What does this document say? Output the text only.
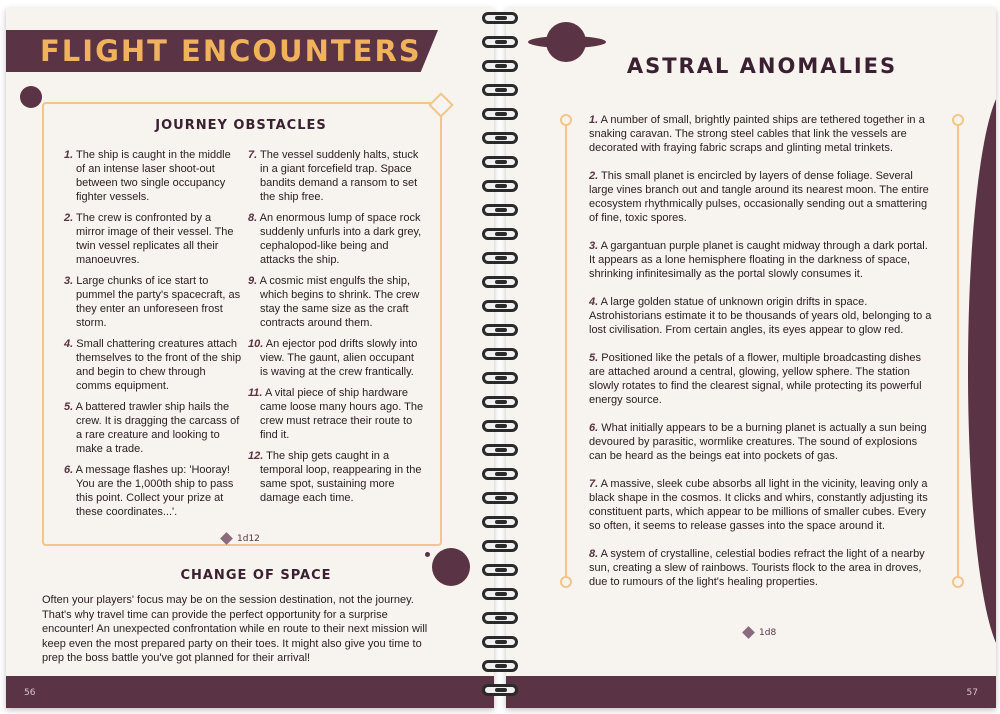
FLIGHT ENCOUNTERS
JOURNEY OBSTACLES
1. The ship is caught in the middle of an intense laser shoot-out between two single occupancy fighter vessels.
2. The crew is confronted by a mirror image of their vessel. The twin vessel replicates all their manoeuvres.
3. Large chunks of ice start to pummel the party's spacecraft, as they enter an unforeseen frost storm.
4. Small chattering creatures attach themselves to the front of the ship and begin to chew through comms equipment.
5. A battered trawler ship hails the crew. It is dragging the carcass of a rare creature and looking to make a trade.
6. A message flashes up: 'Hooray! You are the 1,000th ship to pass this point. Collect your prize at these coordinates...'.
7. The vessel suddenly halts, stuck in a giant forcefield trap. Space bandits demand a ransom to set the ship free.
8. An enormous lump of space rock suddenly unfurls into a dark grey, cephalopod-like being and attacks the ship.
9. A cosmic mist engulfs the ship, which begins to shrink. The crew stay the same size as the craft contracts around them.
10. An ejector pod drifts slowly into view. The gaunt, alien occupant is waving at the crew frantically.
11. A vital piece of ship hardware came loose many hours ago. The crew must retrace their route to find it.
12. The ship gets caught in a temporal loop, reappearing in the same spot, sustaining more damage each time.
1d12
CHANGE OF SPACE
Often your players' focus may be on the session destination, not the journey. That's why travel time can provide the perfect opportunity for a surprise encounter! An unexpected confrontation while en route to their next mission will keep even the most prepared party on their toes. It might also give you time to prep the boss battle you've got planned for their arrival!
56	57
ASTRAL ANOMALIES
1. A number of small, brightly painted ships are tethered together in a snaking caravan. The strong steel cables that link the vessels are decorated with fraying fabric scraps and glinting metal trinkets.
2. This small planet is encircled by layers of dense foliage. Several large vines branch out and tangle around its nearest moon. The entire ecosystem rhythmically pulses, occasionally sending out a smattering of fine, toxic spores.
3. A gargantuan purple planet is caught midway through a dark portal. It appears as a lone hemisphere floating in the darkness of space, shrinking infinitesimally as the portal slowly consumes it.
4. A large golden statue of unknown origin drifts in space. Astrohistorians estimate it to be thousands of years old, belonging to a lost civilisation. From certain angles, its eyes appear to glow red.
5. Positioned like the petals of a flower, multiple broadcasting dishes are attached around a central, glowing, yellow sphere. The station slowly rotates to find the clearest signal, while protecting its powerful energy source.
6. What initially appears to be a burning planet is actually a sun being devoured by parasitic, wormlike creatures. The sound of explosions can be heard as the beings eat into pockets of gas.
7. A massive, sleek cube absorbs all light in the vicinity, leaving only a black shape in the cosmos. It clicks and whirs, constantly adjusting its constituent parts, which appear to be millions of smaller cubes. Every so often, it seems to release gasses into the space around it.
8. A system of crystalline, celestial bodies refract the light of a nearby sun, creating a slew of rainbows. Tourists flock to the area in droves, due to rumours of the light's healing properties.
1d8
